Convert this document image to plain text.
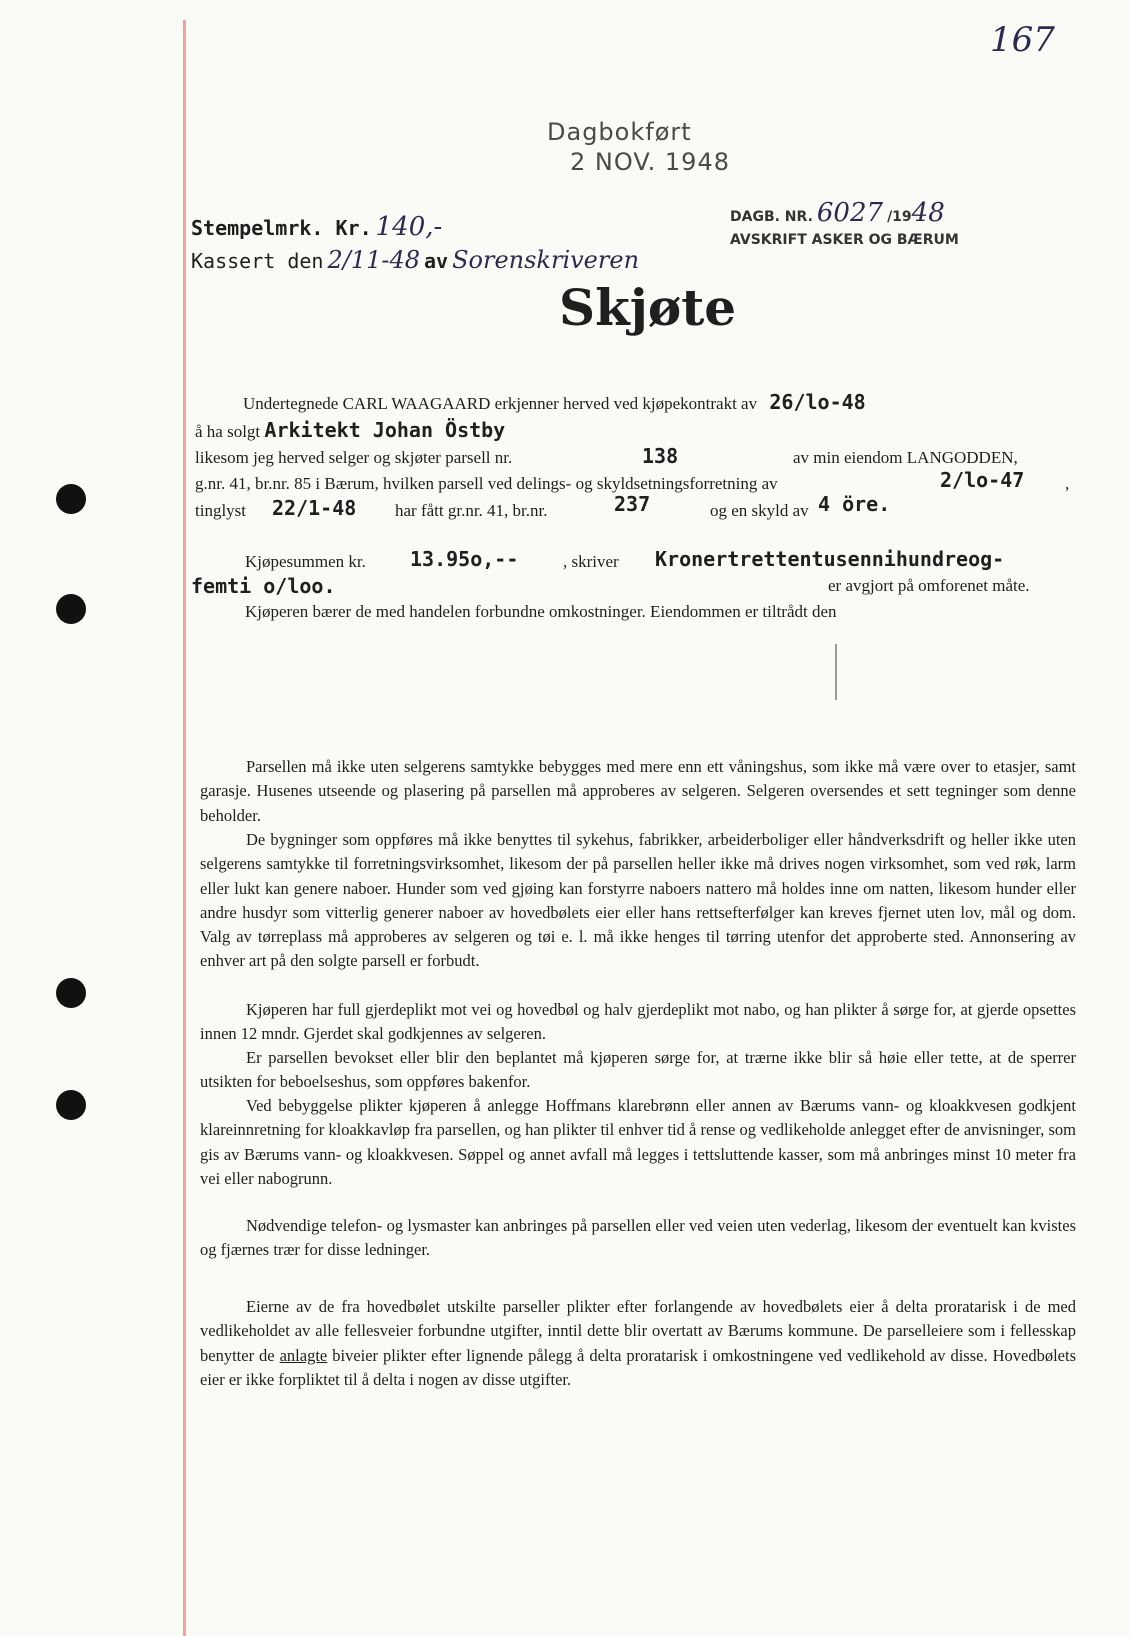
167
Dagbokført
2 NOV. 1948
DAGB. NR. 6027 /1948
AVSKRIFT ASKER OG BÆRUM
Stempelmrk. Kr. 140,-
Kassert den 2/11-48 av Sorenskriveren
Skjøte
Undertegnede CARL WAAGAARD erkjenner herved ved kjøpekontrakt av 26/lo-48
å ha solgt Arkitekt Johan Östby
likesom jeg herved selger og skjøter parsell nr.	138	av min eiendom LANGODDEN,
g.nr. 41, br.nr. 85 i Bærum, hvilken parsell ved delings- og skyldsetningsforretning av	2/lo-47 ,
tinglyst 22/1-48 har fått gr.nr. 41, br.nr.	237	og en skyld av 4 öre.
Kjøpesummen kr. 13.95o,--	, skriver Kronertrettentusennihundreog-
femti o/loo.	er avgjort på omforenet måte.
Kjøperen bærer de med handelen forbundne omkostninger. Eiendommen er tiltrådt den
Parsellen må ikke uten selgerens samtykke bebygges med mere enn ett våningshus, som ikke må være over to etasjer, samt garasje. Husenes utseende og plasering på parsellen må approberes av selgeren. Selgeren oversendes et sett tegninger som denne beholder.
De bygninger som oppføres må ikke benyttes til sykehus, fabrikker, arbeiderboliger eller håndverksdrift og heller ikke uten selgerens samtykke til forretningsvirksomhet, likesom der på parsellen heller ikke må drives nogen virksomhet, som ved røk, larm eller lukt kan genere naboer. Hunder som ved gjøing kan forstyrre naboers nattero må holdes inne om natten, likesom hunder eller andre husdyr som vitterlig generer naboer av hovedbølets eier eller hans rettsefterfølger kan kreves fjernet uten lov, mål og dom. Valg av tørreplass må approberes av selgeren og tøi e. l. må ikke henges til tørring utenfor det approberte sted. Annonsering av enhver art på den solgte parsell er forbudt.
Kjøperen har full gjerdeplikt mot vei og hovedbøl og halv gjerdeplikt mot nabo, og han plikter å sørge for, at gjerde opsettes innen 12 mndr. Gjerdet skal godkjennes av selgeren.
Er parsellen bevokset eller blir den beplantet må kjøperen sørge for, at trærne ikke blir så høie eller tette, at de sperrer utsikten for beboelseshus, som oppføres bakenfor.
Ved bebyggelse plikter kjøperen å anlegge Hoffmans klarebrønn eller annen av Bærums vann- og kloakkvesen godkjent klareinnretning for kloakkavløp fra parsellen, og han plikter til enhver tid å rense og vedlikeholde anlegget efter de anvisninger, som gis av Bærums vann- og kloakkvesen. Søppel og annet avfall må legges i tettsluttende kasser, som må anbringes minst 10 meter fra vei eller nabogrunn.
Nødvendige telefon- og lysmaster kan anbringes på parsellen eller ved veien uten vederlag, likesom der eventuelt kan kvistes og fjærnes trær for disse ledninger.
Eierne av de fra hovedbølet utskilte parseller plikter efter forlangende av hovedbølets eier å delta proratarisk i de med vedlikeholdet av alle fellesveier forbundne utgifter, inntil dette blir overtatt av Bærums kommune. De parselleiere som i fellesskap benytter de anlagte biveier plikter efter lignende pålegg å delta proratarisk i omkostningene ved vedlikehold av disse. Hovedbølets eier er ikke forpliktet til å delta i nogen av disse utgifter.
